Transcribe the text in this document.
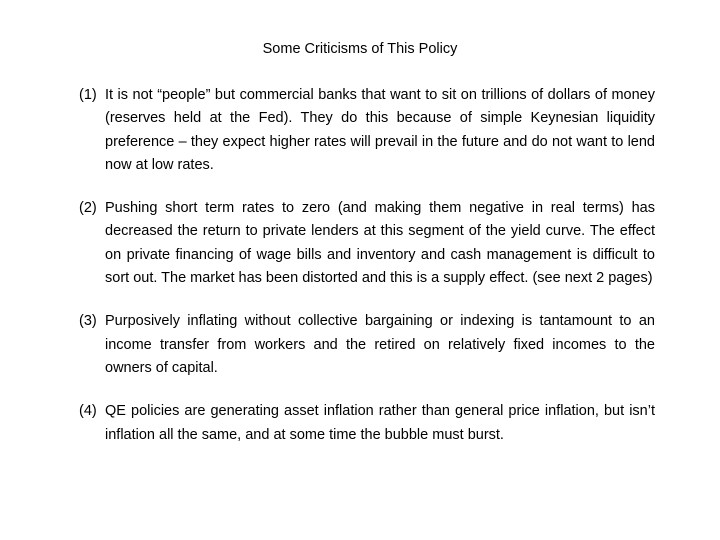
Some Criticisms of This Policy
(1) It is not “people” but commercial banks that want to sit on trillions of dollars of money (reserves held at the Fed). They do this because of simple Keynesian liquidity preference – they expect higher rates will prevail in the future and do not want to lend now at low rates.
(2) Pushing short term rates to zero (and making them negative in real terms) has decreased the return to private lenders at this segment of the yield curve. The effect on private financing of wage bills and inventory and cash management is difficult to sort out. The market has been distorted and this is a supply effect. (see next 2 pages)
(3) Purposively inflating without collective bargaining or indexing is tantamount to an income transfer from workers and the retired on relatively fixed incomes to the owners of capital.
(4) QE policies are generating asset inflation rather than general price inflation, but isn’t inflation all the same, and at some time the bubble must burst.
